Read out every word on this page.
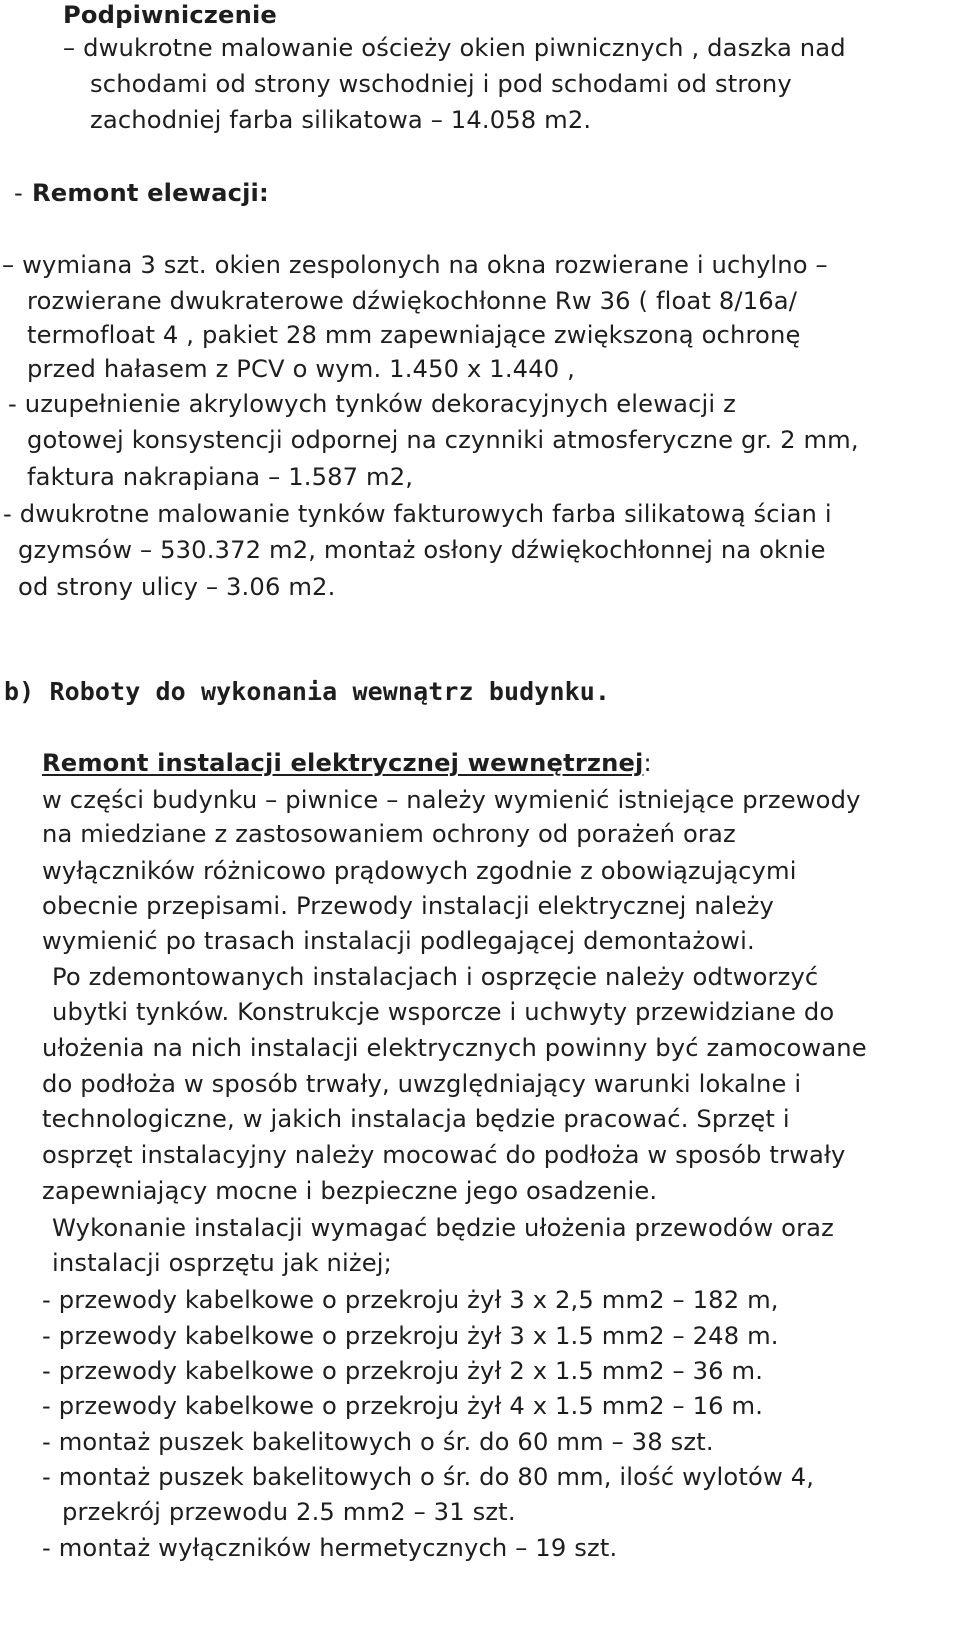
Podpiwniczenie
– dwukrotne malowanie ościeży okien piwnicznych , daszka nad
schodami od strony wschodniej i pod schodami od strony
zachodniej farba silikatowa – 14.058 m2.
- Remont elewacji:
– wymiana 3 szt. okien zespolonych na okna rozwierane i uchylno –
rozwierane dwukraterowe dźwiękochłonne Rw 36 ( float 8/16a/
termofloat 4 , pakiet 28 mm zapewniające zwiększoną ochronę
przed hałasem z PCV o wym. 1.450 x 1.440 ,
- uzupełnienie akrylowych tynków dekoracyjnych elewacji z
gotowej konsystencji odpornej na czynniki atmosferyczne gr. 2 mm,
faktura nakrapiana – 1.587 m2,
- dwukrotne malowanie tynków fakturowych farba silikatową ścian i
gzymsów – 530.372 m2, montaż osłony dźwiękochłonnej na oknie
od strony ulicy – 3.06 m2.
b) Roboty do wykonania wewnątrz budynku.
Remont instalacji elektrycznej wewnętrznej:
w części budynku – piwnice – należy wymienić istniejące przewody
na miedziane z zastosowaniem ochrony od porażeń oraz
wyłączników różnicowo prądowych zgodnie z obowiązującymi
obecnie przepisami. Przewody instalacji elektrycznej należy
wymienić po trasach instalacji podlegającej demontażowi.
Po zdemontowanych instalacjach i osprzęcie należy odtworzyć
ubytki tynków. Konstrukcje wsporcze i uchwyty przewidziane do
ułożenia na nich instalacji elektrycznych powinny być zamocowane
do podłoża w sposób trwały, uwzględniający warunki lokalne i
technologiczne, w jakich instalacja będzie pracować. Sprzęt i
osprzęt instalacyjny należy mocować do podłoża w sposób trwały
zapewniający mocne i bezpieczne jego osadzenie.
Wykonanie instalacji wymagać będzie ułożenia przewodów oraz
instalacji osprzętu jak niżej;
- przewody kabelkowe o przekroju żył 3 x 2,5 mm2 – 182 m,
- przewody kabelkowe o przekroju żył 3 x 1.5 mm2 – 248 m.
- przewody kabelkowe o przekroju żył 2 x 1.5 mm2 – 36 m.
- przewody kabelkowe o przekroju żył 4 x 1.5 mm2 – 16 m.
- montaż puszek bakelitowych o śr. do 60 mm – 38 szt.
- montaż puszek bakelitowych o śr. do 80 mm, ilość wylotów 4,
przekrój przewodu 2.5 mm2 – 31 szt.
- montaż wyłączników hermetycznych – 19 szt.
